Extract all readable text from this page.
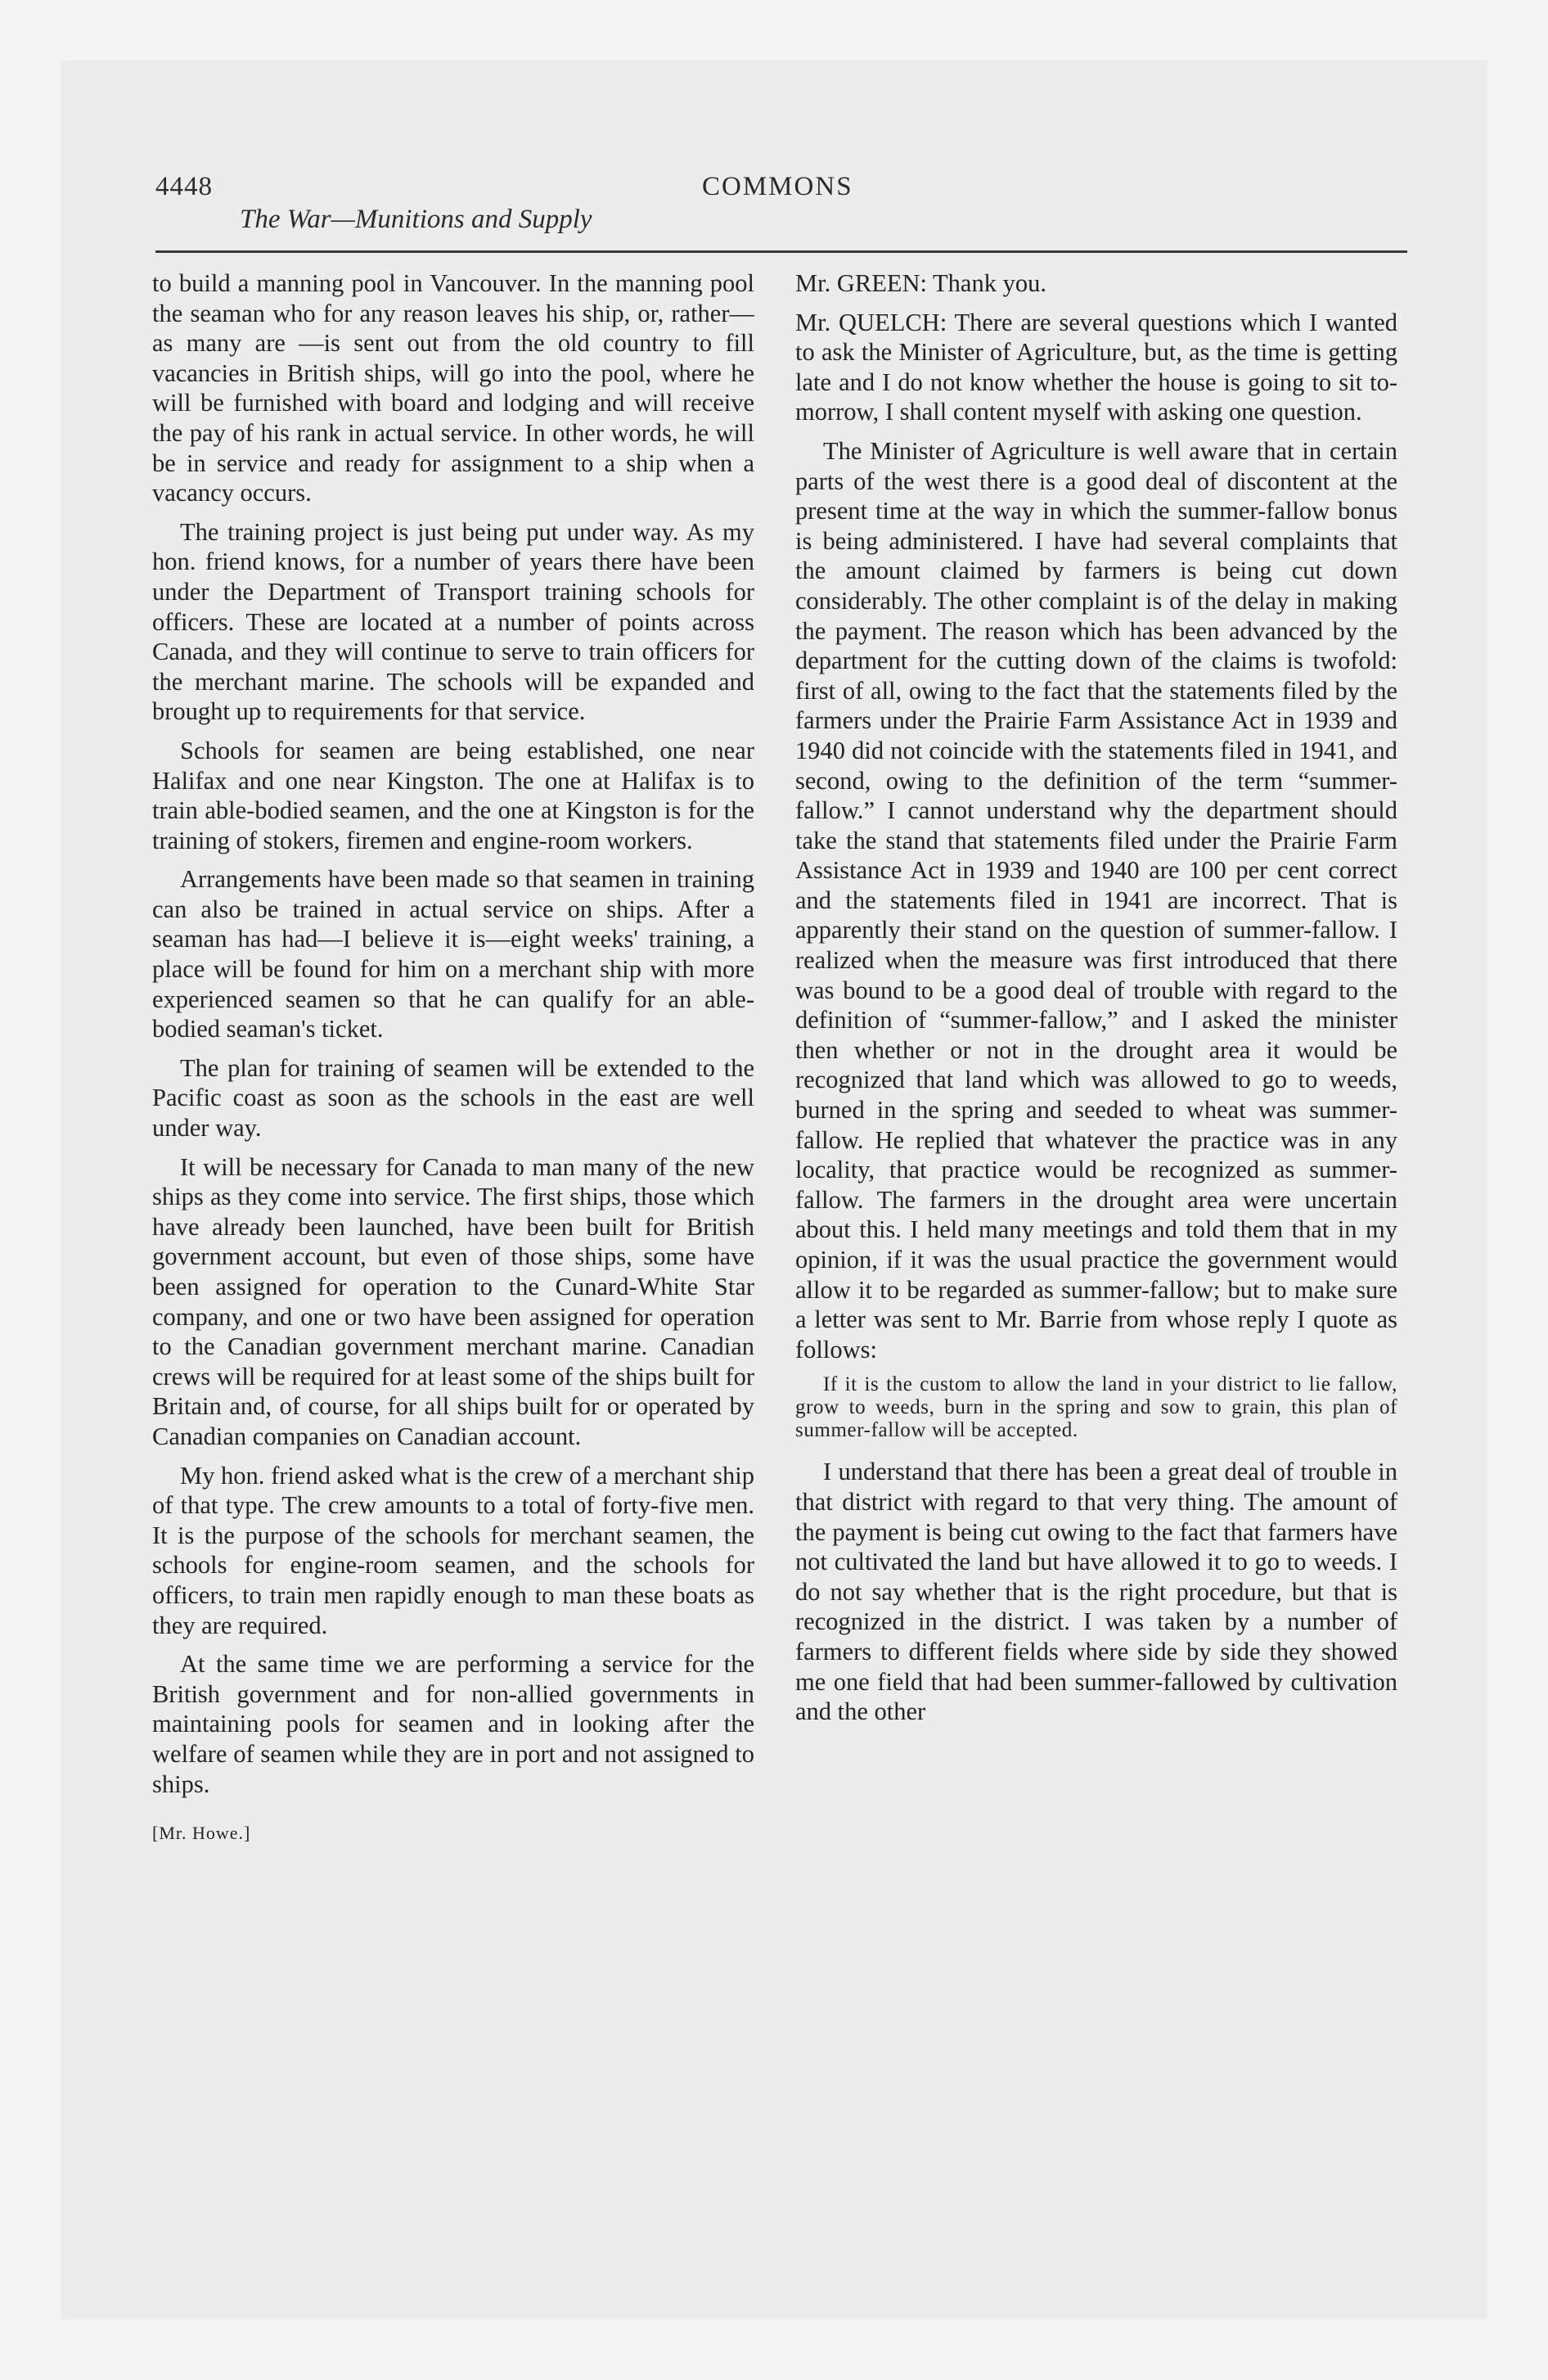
4448	COMMONS
The War—Munitions and Supply

to build a manning pool in Vancouver. In the manning pool the seaman who for any reason leaves his ship, or, rather—as many are —is sent out from the old country to fill vacancies in British ships, will go into the pool, where he will be furnished with board and lodging and will receive the pay of his rank in actual service. In other words, he will be in service and ready for assignment to a ship when a vacancy occurs.

The training project is just being put under way. As my hon. friend knows, for a number of years there have been under the Department of Transport training schools for officers. These are located at a number of points across Canada, and they will continue to serve to train officers for the merchant marine. The schools will be expanded and brought up to requirements for that service.

Schools for seamen are being established, one near Halifax and one near Kingston. The one at Halifax is to train able-bodied seamen, and the one at Kingston is for the training of stokers, firemen and engine-room workers.

Arrangements have been made so that seamen in training can also be trained in actual service on ships. After a seaman has had—I believe it is—eight weeks' training, a place will be found for him on a merchant ship with more experienced seamen so that he can qualify for an able-bodied seaman's ticket.

The plan for training of seamen will be extended to the Pacific coast as soon as the schools in the east are well under way.

It will be necessary for Canada to man many of the new ships as they come into service. The first ships, those which have already been launched, have been built for British government account, but even of those ships, some have been assigned for operation to the Cunard-White Star company, and one or two have been assigned for operation to the Canadian government merchant marine. Canadian crews will be required for at least some of the ships built for Britain and, of course, for all ships built for or operated by Canadian companies on Canadian account.

My hon. friend asked what is the crew of a merchant ship of that type. The crew amounts to a total of forty-five men. It is the purpose of the schools for merchant seamen, the schools for engine-room seamen, and the schools for officers, to train men rapidly enough to man these boats as they are required.

At the same time we are performing a service for the British government and for non-allied governments in maintaining pools for seamen and in looking after the welfare of seamen while they are in port and not assigned to ships.

[Mr. Howe.]

Mr. GREEN: Thank you.

Mr. QUELCH: There are several questions which I wanted to ask the Minister of Agriculture, but, as the time is getting late and I do not know whether the house is going to sit to-morrow, I shall content myself with asking one question.

The Minister of Agriculture is well aware that in certain parts of the west there is a good deal of discontent at the present time at the way in which the summer-fallow bonus is being administered. I have had several complaints that the amount claimed by farmers is being cut down considerably. The other complaint is of the delay in making the payment. The reason which has been advanced by the department for the cutting down of the claims is twofold: first of all, owing to the fact that the statements filed by the farmers under the Prairie Farm Assistance Act in 1939 and 1940 did not coincide with the statements filed in 1941, and second, owing to the definition of the term “summer-fallow.” I cannot understand why the department should take the stand that statements filed under the Prairie Farm Assistance Act in 1939 and 1940 are 100 per cent correct and the statements filed in 1941 are incorrect. That is apparently their stand on the question of summer-fallow. I realized when the measure was first introduced that there was bound to be a good deal of trouble with regard to the definition of “summer-fallow,” and I asked the minister then whether or not in the drought area it would be recognized that land which was allowed to go to weeds, burned in the spring and seeded to wheat was summer-fallow. He replied that whatever the practice was in any locality, that practice would be recognized as summer-fallow. The farmers in the drought area were uncertain about this. I held many meetings and told them that in my opinion, if it was the usual practice the government would allow it to be regarded as summer-fallow; but to make sure a letter was sent to Mr. Barrie from whose reply I quote as follows:

If it is the custom to allow the land in your district to lie fallow, grow to weeds, burn in the spring and sow to grain, this plan of summer-fallow will be accepted.

I understand that there has been a great deal of trouble in that district with regard to that very thing. The amount of the payment is being cut owing to the fact that farmers have not cultivated the land but have allowed it to go to weeds. I do not say whether that is the right procedure, but that is recognized in the district. I was taken by a number of farmers to different fields where side by side they showed me one field that had been summer-fallowed by cultivation and the other
